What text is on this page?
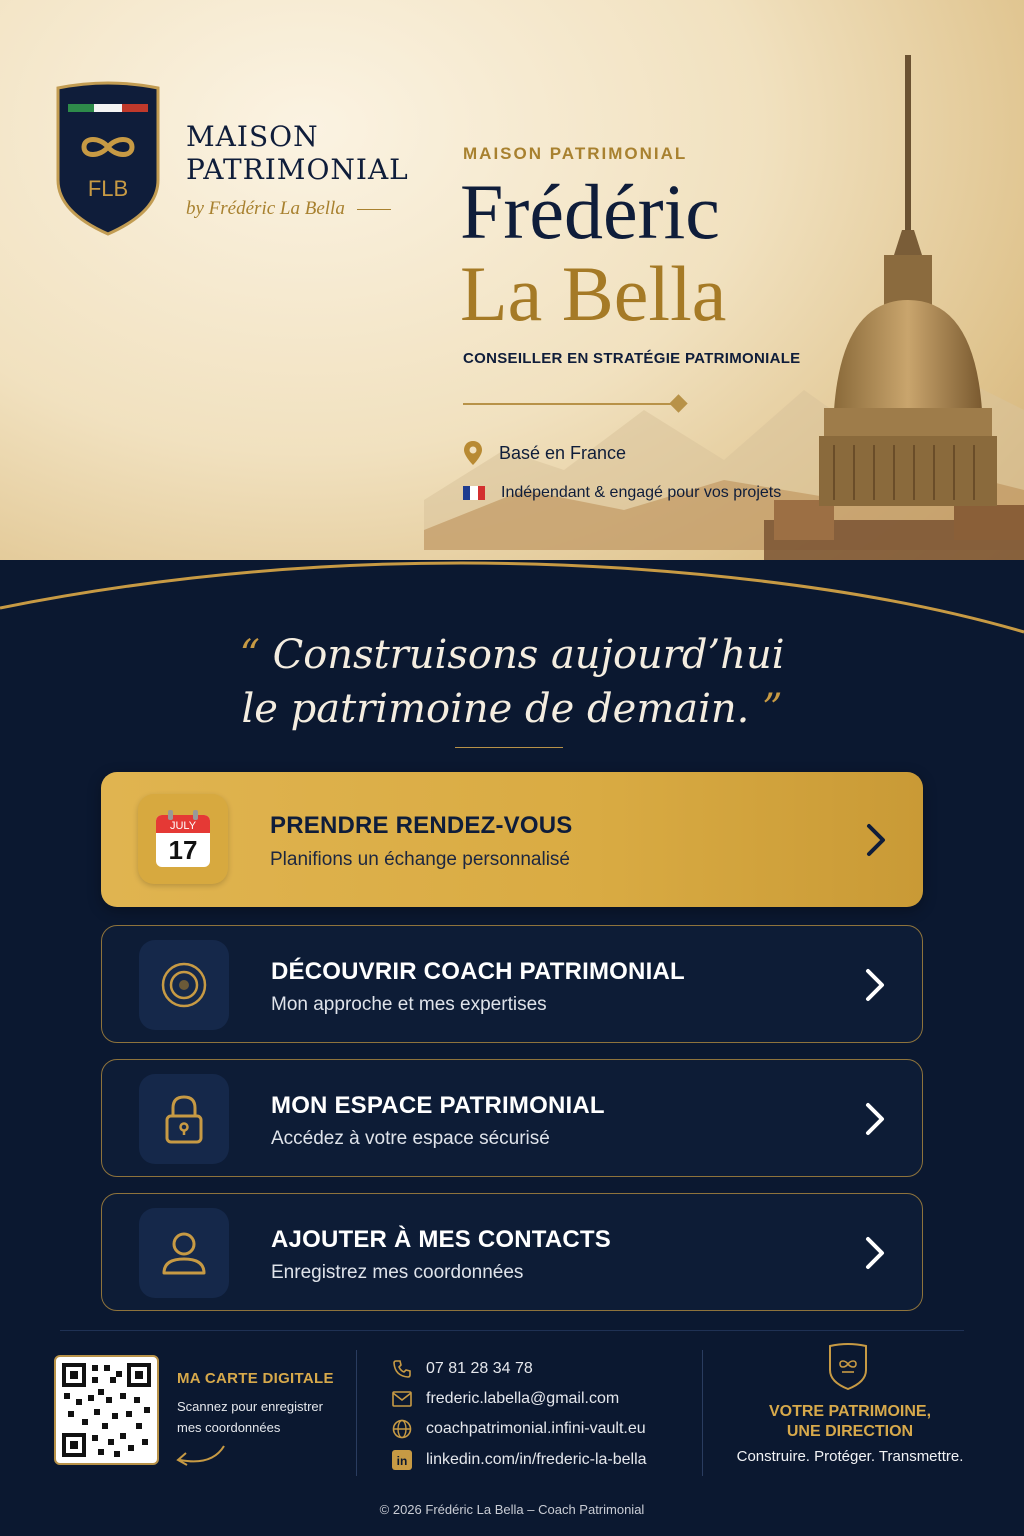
FLB
MAISON
PATRIMONIAL
by Frédéric La Bella
MAISON PATRIMONIAL
Frédéric
La Bella
CONSEILLER EN STRATÉGIE PATRIMONIALE
Basé en France
Indépendant & engagé pour vos projets
“ Construisons aujourd’hui
le patrimoine de demain. ”
JULY
17
PRENDRE RENDEZ-VOUS
Planifions un échange personnalisé
DÉCOUVRIR COACH PATRIMONIAL
Mon approche et mes expertises
MON ESPACE PATRIMONIAL
Accédez à votre espace sécurisé
AJOUTER À MES CONTACTS
Enregistrez mes coordonnées
MA CARTE DIGITALE
Scannez pour enregistrer mes coordonnées
07 81 28 34 78
frederic.labella@gmail.com
coachpatrimonial.infini-vault.eu
in linkedin.com/in/frederic-la-bella
VOTRE PATRIMOINE,
UNE DIRECTION
Construire. Protéger. Transmettre.
© 2026 Frédéric La Bella – Coach Patrimonial
